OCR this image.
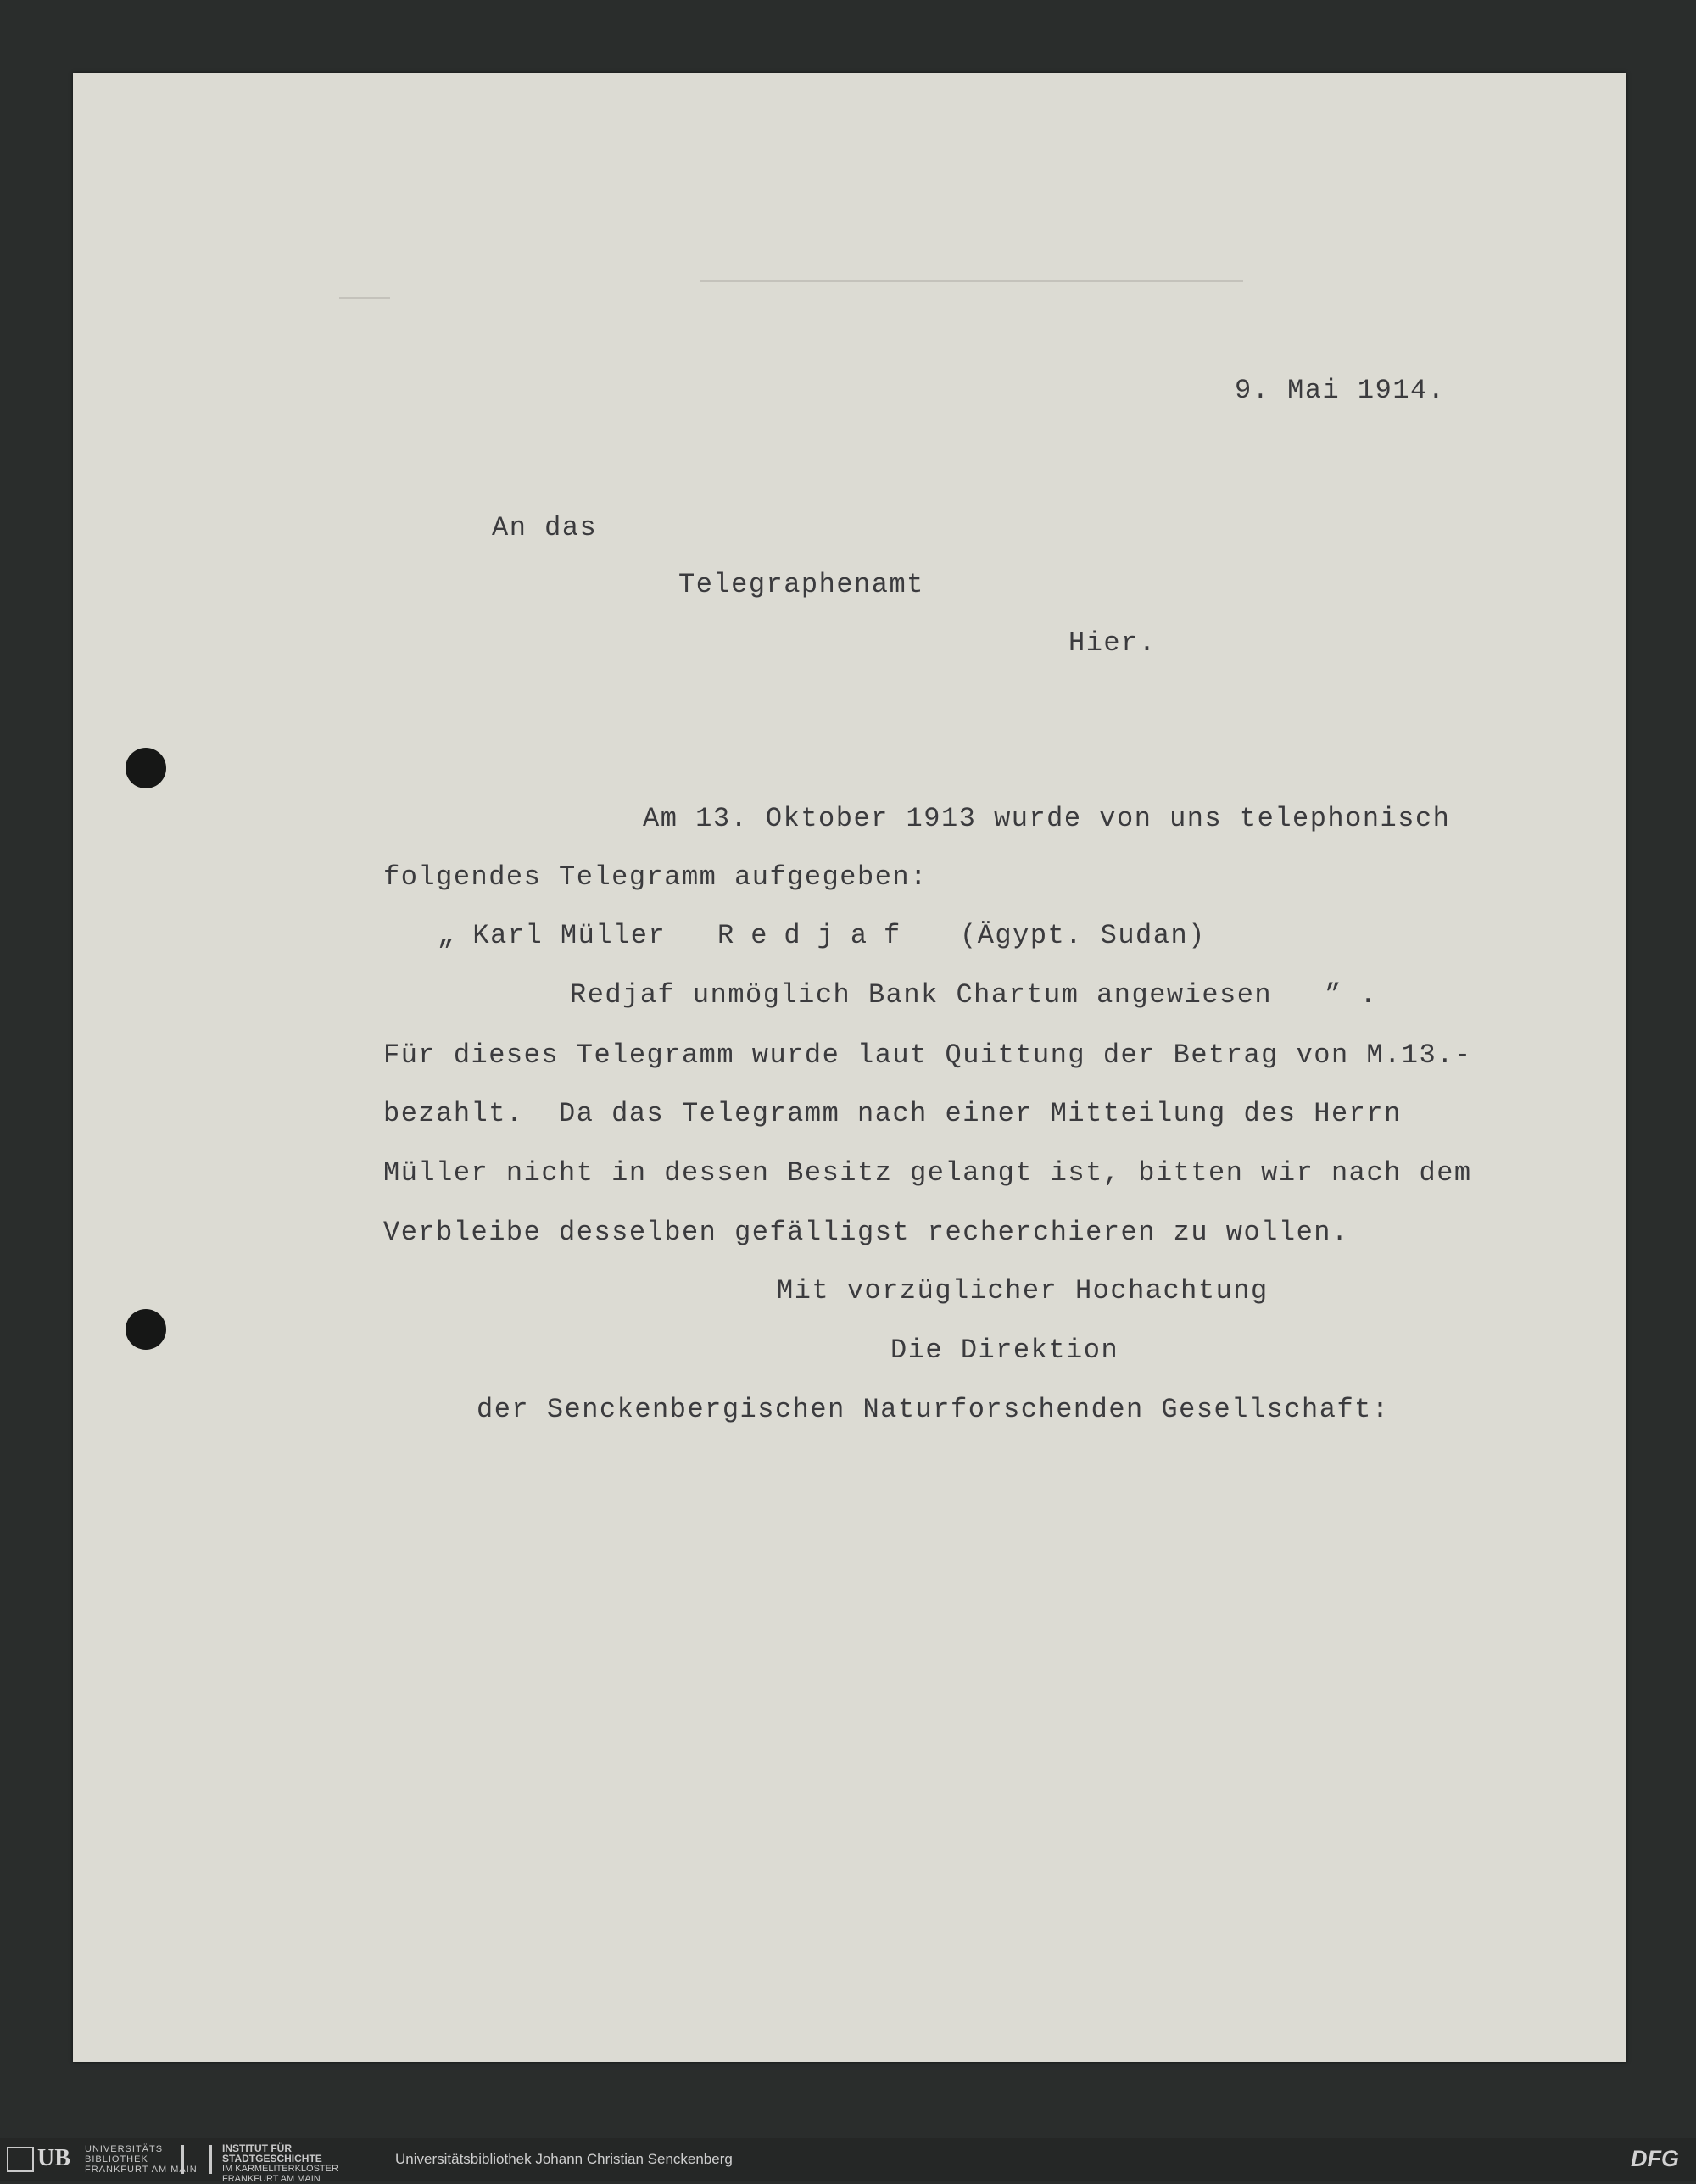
9. Mai 1914.
An das
Telegraphenamt
Hier.
Am 13. Oktober 1913 wurde von uns telephonisch
folgendes Telegramm aufgegeben:
„ Karl Müller Redjaf (Ägypt. Sudan)
Redjaf unmöglich Bank Chartum angewiesen   ” .
Für dieses Telegramm wurde laut Quittung der Betrag von M.13.-
bezahlt.  Da das Telegramm nach einer Mitteilung des Herrn
Müller nicht in dessen Besitz gelangt ist, bitten wir nach dem
Verbleibe desselben gefälligst recherchieren zu wollen.
Mit vorzüglicher Hochachtung
Die Direktion
der Senckenbergischen Naturforschenden Gesellschaft:
UB UNIVERSITÄTS
BIBLIOTHEK
FRANKFURT AM MAIN
INSTITUT FÜR
STADTGESCHICHTE
IM KARMELITERKLOSTER
FRANKFURT AM MAIN
Universitätsbibliothek Johann Christian Senckenberg	DFG
